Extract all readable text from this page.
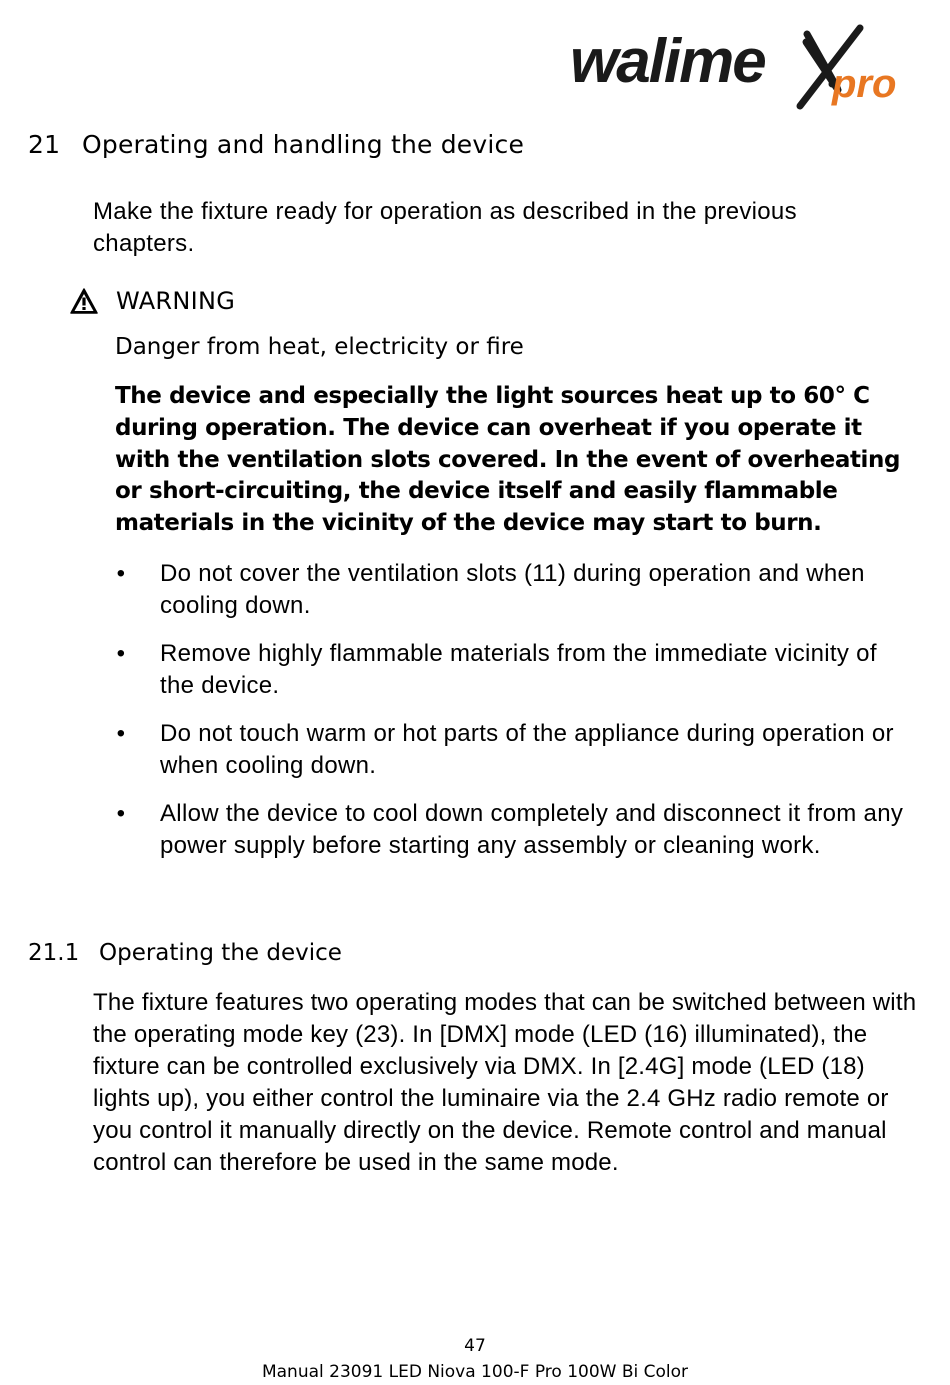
walime pro
21 Operating and handling the device

Make the fixture ready for operation as described in the previous chapters.

WARNING

Danger from heat, electricity or fire

The device and especially the light sources heat up to 60° C during operation. The device can overheat if you operate it with the ventilation slots covered. In the event of overheating or short-circuiting, the device itself and easily flammable materials in the vicinity of the device may start to burn.

• Do not cover the ventilation slots (11) during operation and when cooling down.
• Remove highly flammable materials from the immediate vicinity of the device.
• Do not touch warm or hot parts of the appliance during operation or when cooling down.
• Allow the device to cool down completely and disconnect it from any power supply before starting any assembly or cleaning work.
21.1 Operating the device

The fixture features two operating modes that can be switched between with the operating mode key (23). In [DMX] mode (LED (16) illuminated), the fixture can be controlled exclusively via DMX. In [2.4G] mode (LED (18) lights up), you either control the luminaire via the 2.4 GHz radio remote or you control it manually directly on the device. Remote control and manual control can therefore be used in the same mode.

47
Manual 23091 LED Niova 100-F Pro 100W Bi Color
